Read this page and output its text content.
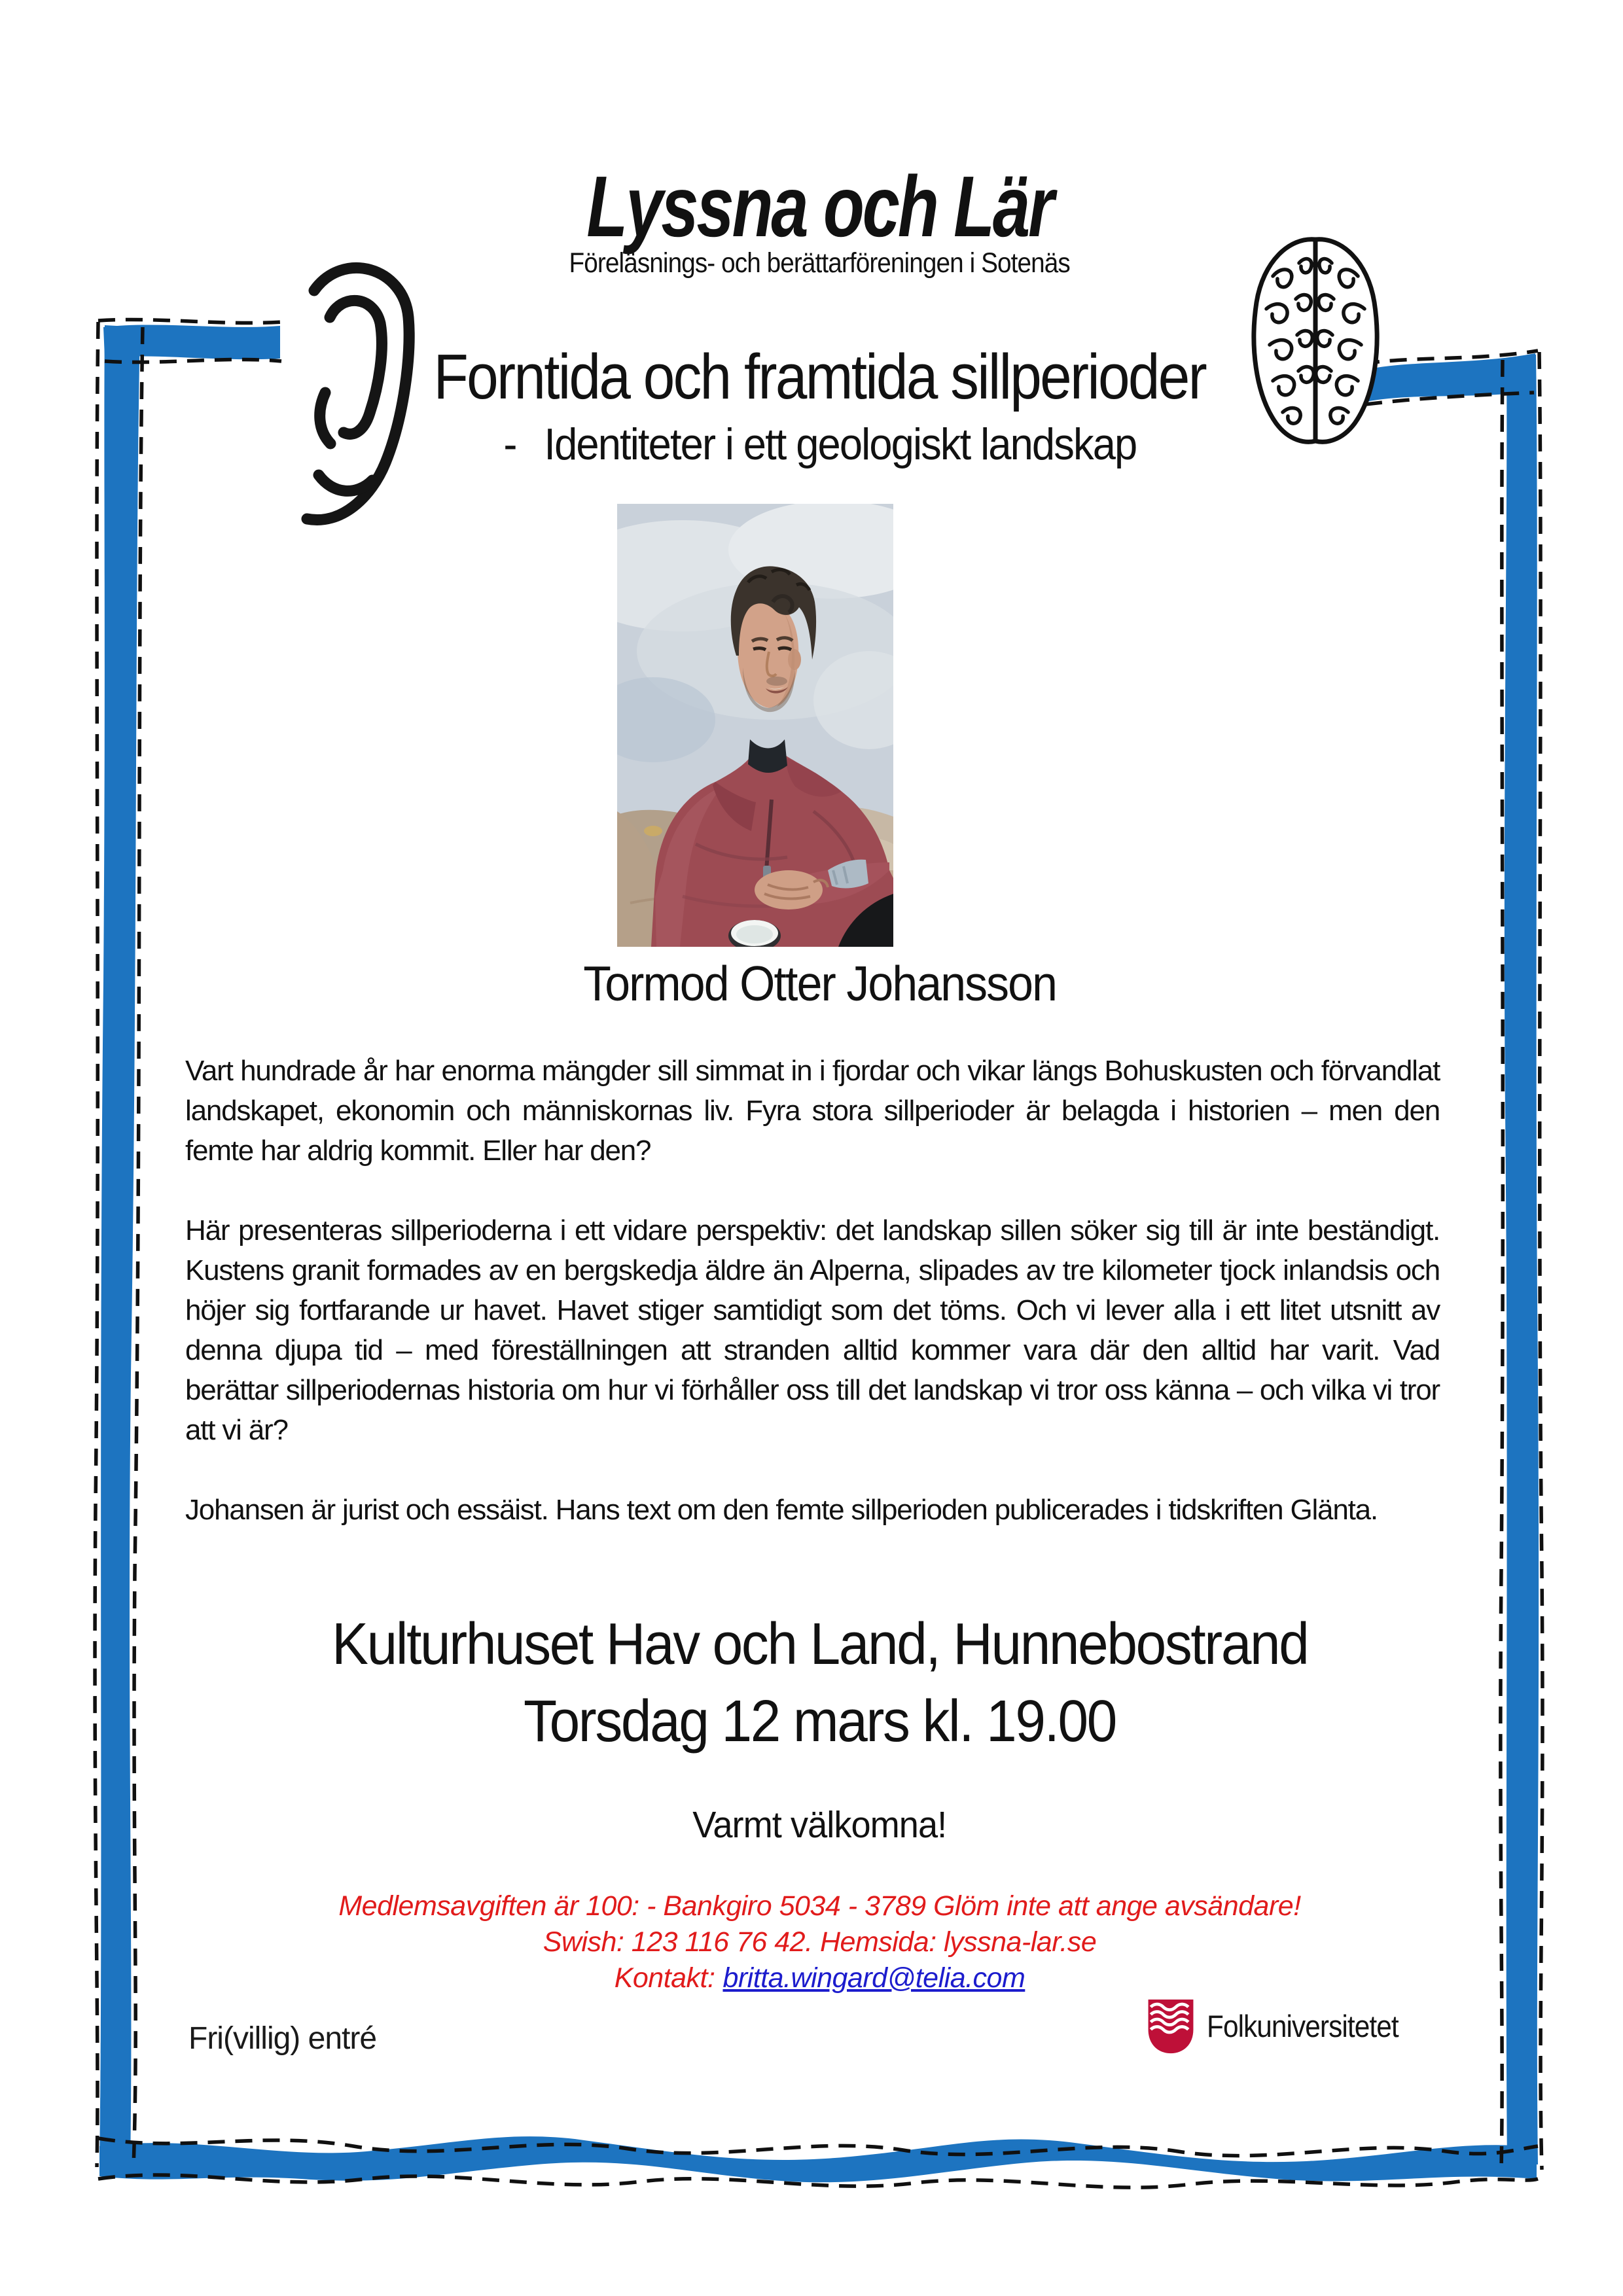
Lyssna och Lär
Föreläsnings- och berättarföreningen i Sotenäs
Forntida och framtida sillperioder
- Identiteter i ett geologiskt landskap
Tormod Otter Johansson

Vart hundrade år har enorma mängder sill simmat in i fjordar och vikar längs Bohuskusten och förvandlat landskapet, ekonomin och människornas liv. Fyra stora sillperioder är belagda i historien – men den femte har aldrig kommit. Eller har den?

Här presenteras sillperioderna i ett vidare perspektiv: det landskap sillen söker sig till är inte beständigt. Kustens granit formades av en bergskedja äldre än Alperna, slipades av tre kilometer tjock inlandsis och höjer sig fortfarande ur havet. Havet stiger samtidigt som det töms. Och vi lever alla i ett litet utsnitt av denna djupa tid – med föreställningen att stranden alltid kommer vara där den alltid har varit. Vad berättar sillperiodernas historia om hur vi förhåller oss till det landskap vi tror oss känna – och vilka vi tror att vi är?

Johansen är jurist och essäist. Hans text om den femte sillperioden publicerades i tidskriften Glänta.

Kulturhuset Hav och Land, Hunnebostrand
Torsdag 12 mars kl. 19.00
Varmt välkomna!
Medlemsavgiften är 100: - Bankgiro 5034 - 3789 Glöm inte att ange avsändare!
Swish: 123 116 76 42. Hemsida: lyssna-lar.se
Kontakt: britta.wingard@telia.com
Folkuniversitetet
Fri(villig) entré
